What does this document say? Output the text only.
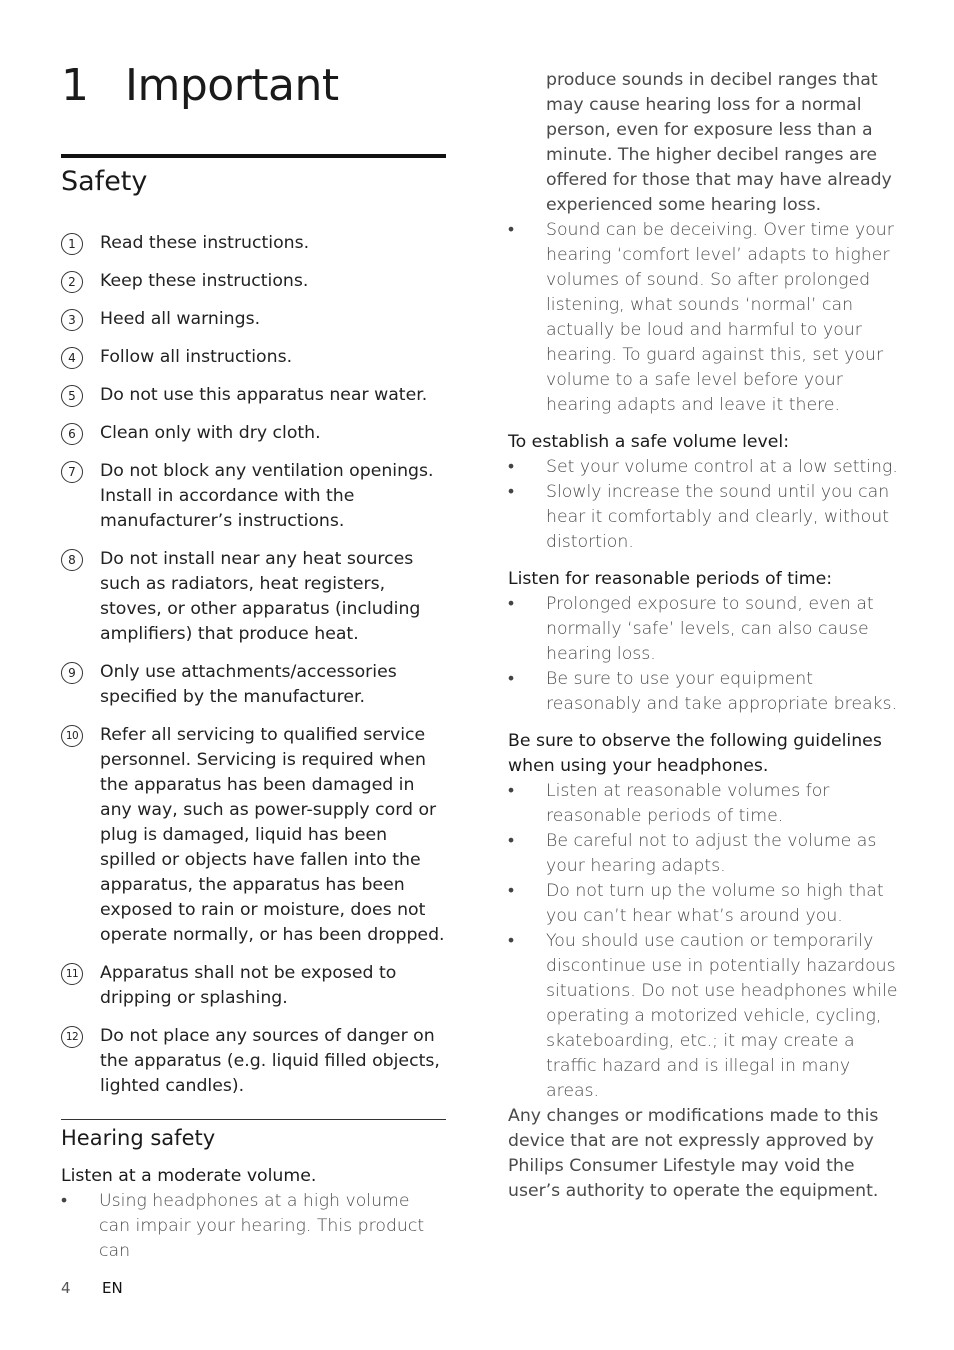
1 Important
Safety
1	Read these instructions.
2	Keep these instructions.
3	Heed all warnings.
4	Follow all instructions.
5	Do not use this apparatus near water.
6	Clean only with dry cloth.
7	Do not block any ventilation openings. Install in accordance with the manufacturer’s instructions.
8	Do not install near any heat sources such as radiators, heat registers, stoves, or other apparatus (including amplifiers) that produce heat.
9	Only use attachments/accessories specified by the manufacturer.
10 Refer all servicing to qualified service personnel. Servicing is required when the apparatus has been damaged in any way, such as power-supply cord or plug is damaged, liquid has been spilled or objects have fallen into the apparatus, the apparatus has been exposed to rain or moisture, does not operate normally, or has been dropped.
11 Apparatus shall not be exposed to dripping or splashing.
12 Do not place any sources of danger on the apparatus (e.g. liquid filled objects, lighted candles).
Hearing safety

Listen at a moderate volume.

• Using headphones at a high volume can impair your hearing. This product can

produce sounds in decibel ranges that may cause hearing loss for a normal person, even for exposure less than a minute. The higher decibel ranges are offered for those that may have already experienced some hearing loss.

• Sound can be deceiving. Over time your hearing ‘comfort level’ adapts to higher volumes of sound. So after prolonged listening, what sounds ‘normal’ can actually be loud and harmful to your hearing. To guard against this, set your volume to a safe level before your hearing adapts and leave it there.

To establish a safe volume level:

• Set your volume control at a low setting.
• Slowly increase the sound until you can hear it comfortably and clearly, without distortion.

Listen for reasonable periods of time:

• Prolonged exposure to sound, even at normally ‘safe’ levels, can also cause hearing loss.
• Be sure to use your equipment reasonably and take appropriate breaks.

Be sure to observe the following guidelines when using your headphones.

• Listen at reasonable volumes for reasonable periods of time.
• Be careful not to adjust the volume as your hearing adapts.
• Do not turn up the volume so high that you can’t hear what’s around you.
• You should use caution or temporarily discontinue use in potentially hazardous situations. Do not use headphones while operating a motorized vehicle, cycling, skateboarding, etc.; it may create a traffic hazard and is illegal in many areas.

Any changes or modifications made to this device that are not expressly approved by Philips Consumer Lifestyle may void the user’s authority to operate the equipment.

4	EN
